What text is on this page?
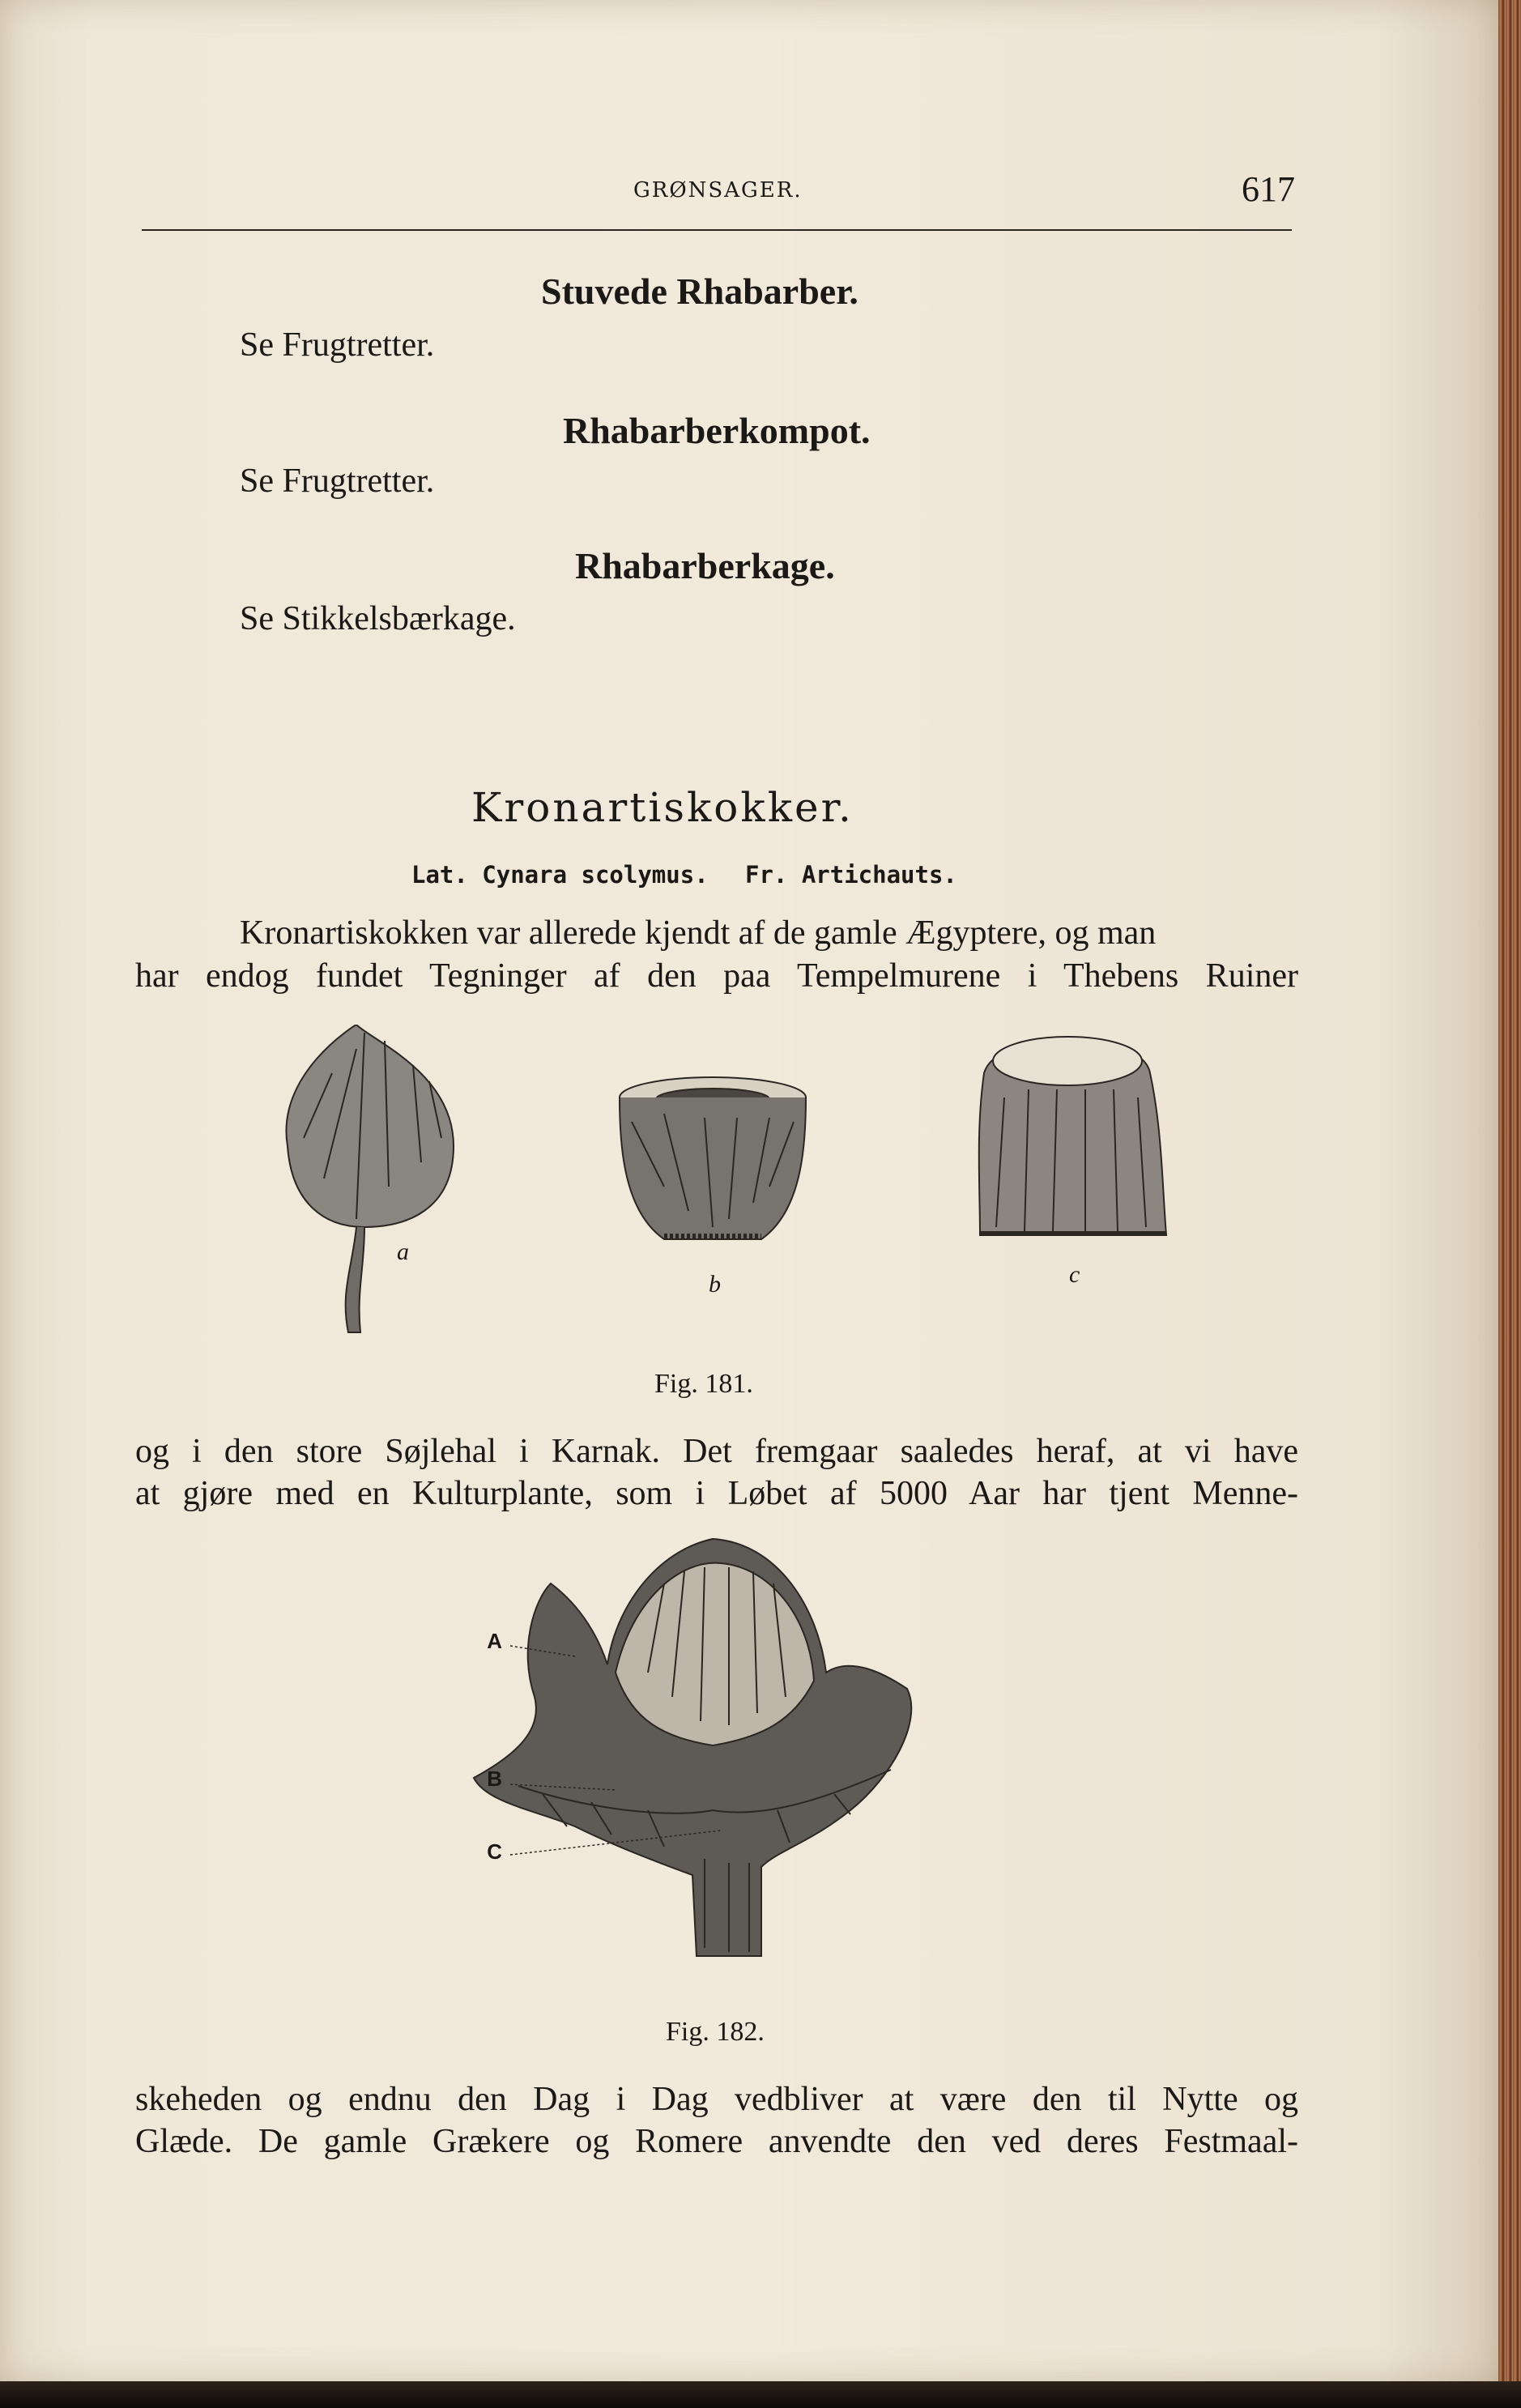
GRØNSAGER.	617
Stuvede Rhabarber.
Se Frugtretter.
Rhabarberkompot.
Se Frugtretter.
Rhabarberkage.
Se Stikkelsbærkage.
Kronartiskokker.
Lat. Cynara scolymus. Fr. Artichauts.
Kronartiskokken var allerede kjendt af de gamle Ægyptere, og man
har endog fundet Tegninger af den paa Tempelmurene i Thebens Ruiner
a
b	c
Fig. 181.
og i den store Søjlehal i Karnak. Det fremgaar saaledes heraf, at vi have
at gjøre med en Kulturplante, som i Løbet af 5000 Aar har tjent Menne-
A
B
C
Fig. 182.
skeheden og endnu den Dag i Dag vedbliver at være den til Nytte og
Glæde. De gamle Grækere og Romere anvendte den ved deres Festmaal-
